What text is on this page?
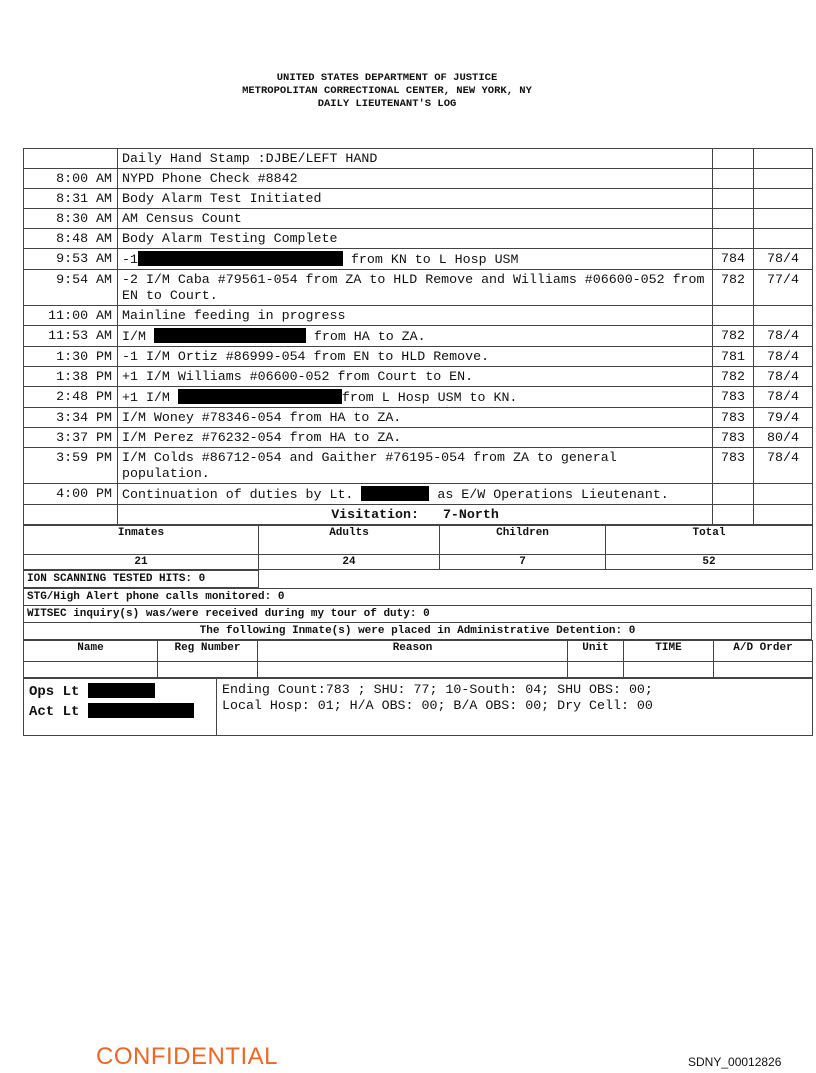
UNITED STATES DEPARTMENT OF JUSTICE
METROPOLITAN CORRECTIONAL CENTER, NEW YORK, NY
DAILY LIEUTENANT'S LOG
	Daily Hand Stamp :DJBE/LEFT HAND		
8:00 AM	NYPD Phone Check #8842		
8:31 AM	Body Alarm Test Initiated		
8:30 AM	AM Census Count		
8:48 AM	Body Alarm Testing Complete		
9:53 AM	-1 from KN to L Hosp USM	784	78/4
9:54 AM	-2 I/M Caba #79561-054 from ZA to HLD Remove and Williams #06600-052 from EN to Court.	782	77/4
11:00 AM	Mainline feeding in progress		
11:53 AM	I/M from HA to ZA.	782	78/4
1:30 PM	-1 I/M Ortiz #86999-054 from EN to HLD Remove.	781	78/4
1:38 PM	+1 I/M Williams #06600-052 from Court to EN.	782	78/4
2:48 PM	+1 I/M from L Hosp USM to KN.	783	78/4
3:34 PM	I/M Woney #78346-054 from HA to ZA.	783	79/4
3:37 PM	I/M Perez #76232-054 from HA to ZA.	783	80/4
3:59 PM	I/M Colds #86712-054 and Gaither #76195-054 from ZA to general population.	783	78/4
4:00 PM	Continuation of duties by Lt. as E/W Operations Lieutenant.		
	Visitation: 7-North		
Inmates	Adults	Children	Total
21	24	7	52
ION SCANNING TESTED HITS: 0	
STG/High Alert phone calls monitored: 0
WITSEC inquiry(s) was/were received during my tour of duty: 0
The following Inmate(s) were placed in Administrative Detention: 0
Name	Reg Number	Reason	Unit	TIME	A/D Order

Ops Lt
Act Lt

Ending Count:783 ; SHU: 77; 10-South: 04; SHU OBS: 00;
Local Hosp: 01; H/A OBS: 00; B/A OBS: 00; Dry Cell: 00
CONFIDENTIAL	SDNY_00012826
